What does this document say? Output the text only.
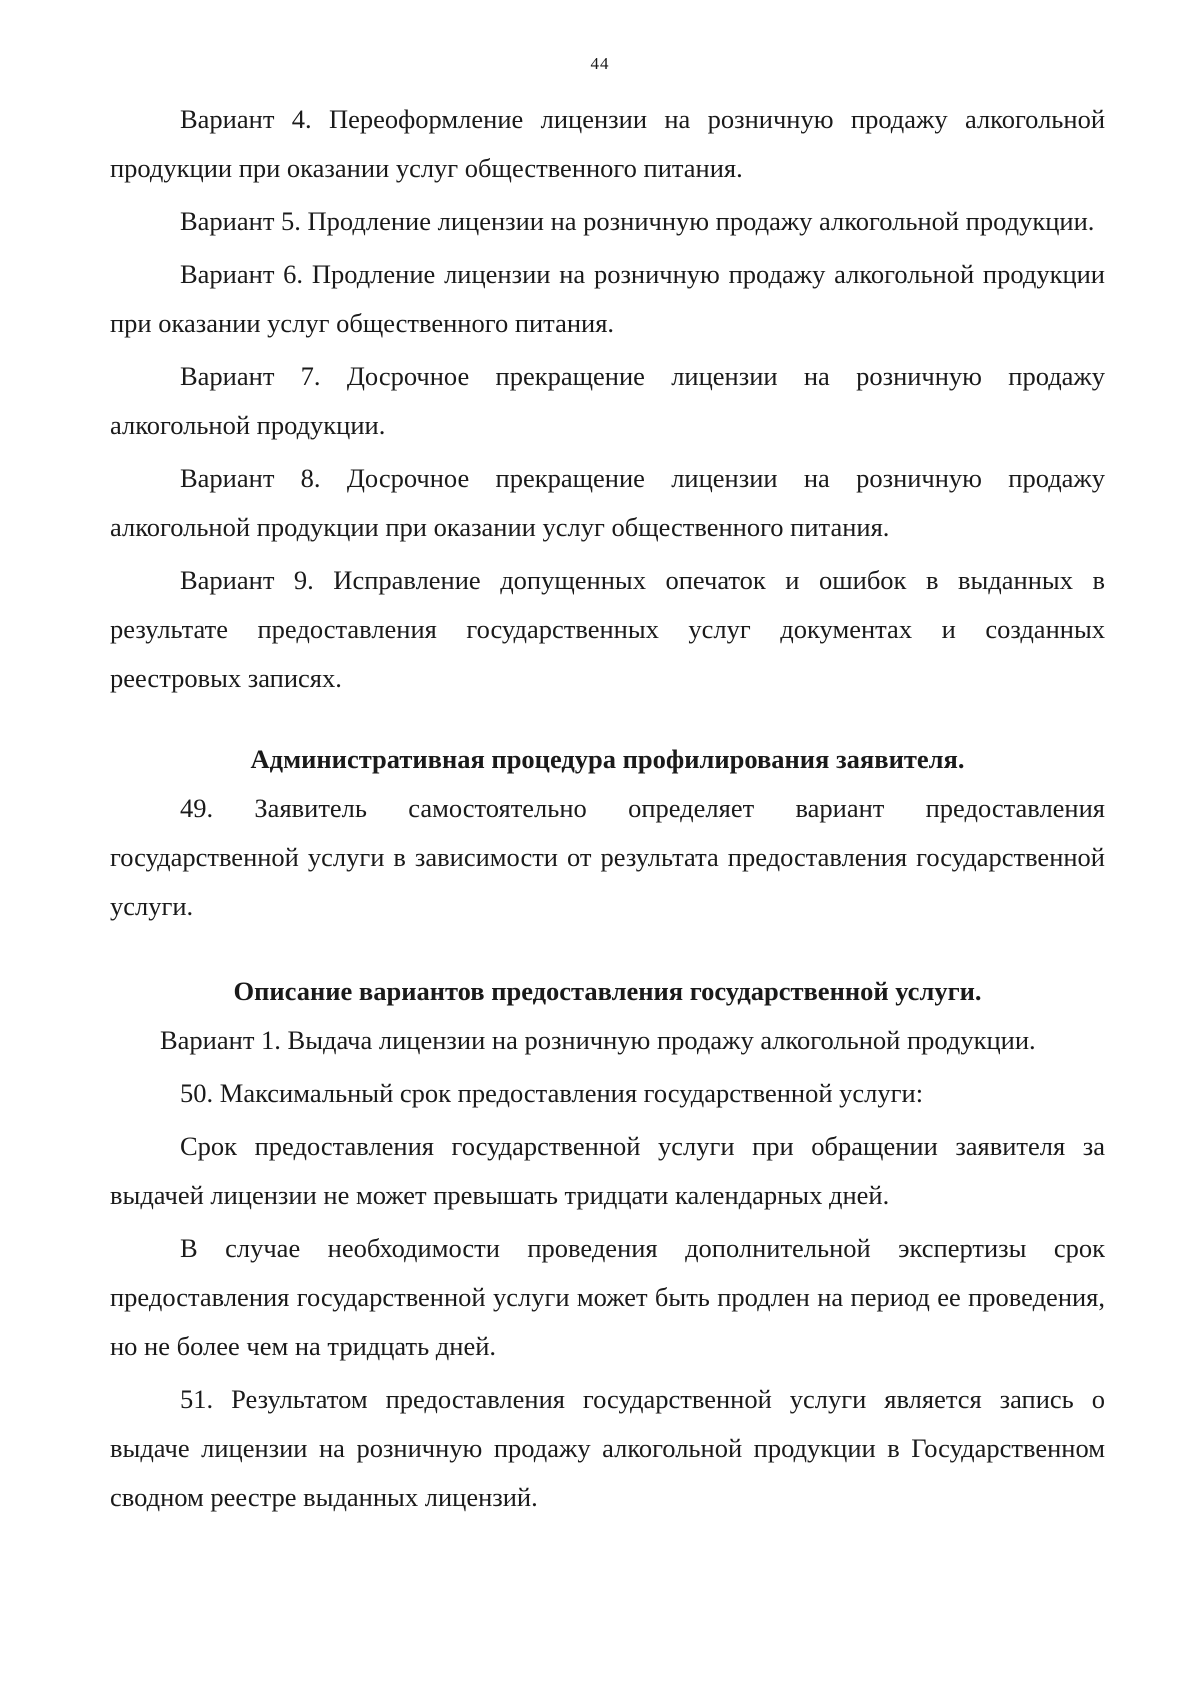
44

Вариант 4. Переоформление лицензии на розничную продажу алкогольной продукции при оказании услуг общественного питания.

Вариант 5. Продление лицензии на розничную продажу алкогольной продукции.

Вариант 6. Продление лицензии на розничную продажу алкогольной продукции при оказании услуг общественного питания.

Вариант 7. Досрочное прекращение лицензии на розничную продажу алкогольной продукции.

Вариант 8. Досрочное прекращение лицензии на розничную продажу алкогольной продукции при оказании услуг общественного питания.

Вариант 9. Исправление допущенных опечаток и ошибок в выданных в результате предоставления государственных услуг документах и созданных реестровых записях.

Административная процедура профилирования заявителя.

49. Заявитель самостоятельно определяет вариант предоставления государственной услуги в зависимости от результата предоставления государственной услуги.

Описание вариантов предоставления государственной услуги.

Вариант 1. Выдача лицензии на розничную продажу алкогольной продукции.

50. Максимальный срок предоставления государственной услуги:

Срок предоставления государственной услуги при обращении заявителя за выдачей лицензии не может превышать тридцати календарных дней.

В случае необходимости проведения дополнительной экспертизы срок предоставления государственной услуги может быть продлен на период ее проведения, но не более чем на тридцать дней.

51. Результатом предоставления государственной услуги является запись о выдаче лицензии на розничную продажу алкогольной продукции в Государственном сводном реестре выданных лицензий.
